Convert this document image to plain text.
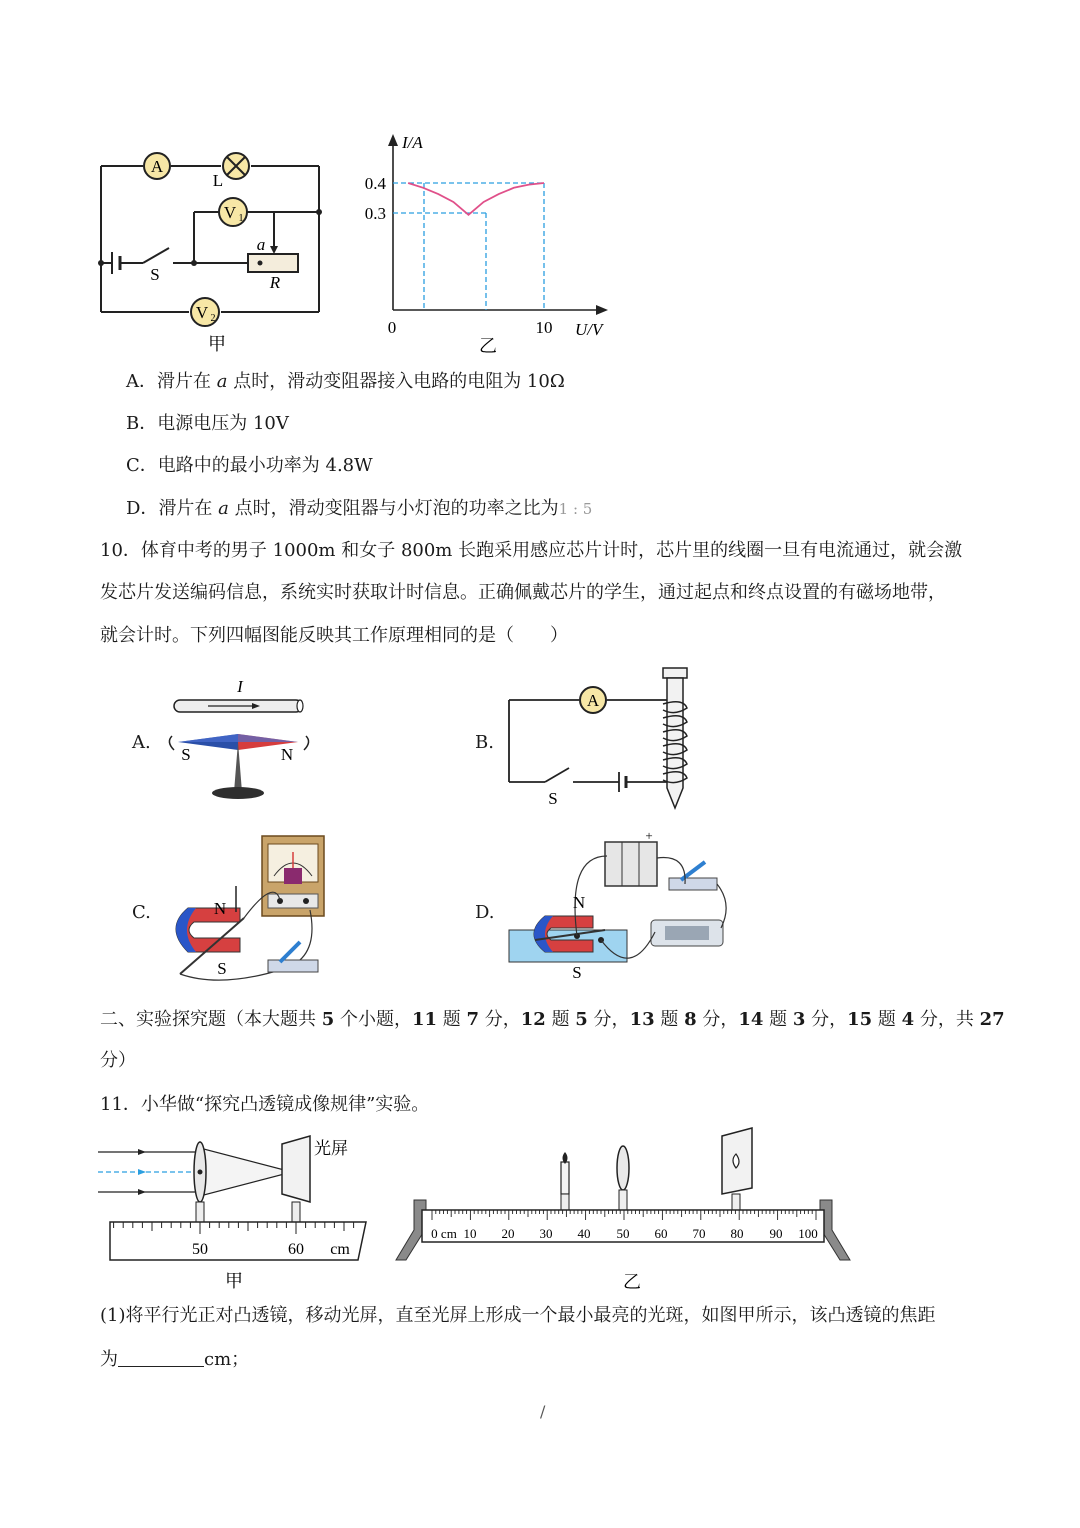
A
L
V 1
V 2
S
a
R
甲
I/A
0.4
0.3
0	10 U/V
乙
A．滑片在 a 点时，滑动变阻器接入电路的电阻为 10Ω
B．电源电压为 10V
C．电路中的最小功率为 4.8W
D．滑片在 a 点时，滑动变阻器与小灯泡的功率之比为1 : 5
10．体育中考的男子 1000m 和女子 800m 长跑采用感应芯片计时，芯片里的线圈一旦有电流通过，就会激
发芯片发送编码信息，系统实时获取计时信息。正确佩戴芯片的学生，通过起点和终点设置的有磁场地带，
就会计时。下列四幅图能反映其工作原理相同的是（　　）
A.
I
S	N
B.
A
S
C.	N
S
D.
+
N
S
二、实验探究题（本大题共 5 个小题，11 题 7 分，12 题 5 分，13 题 8 分，14 题 3 分，15 题 4 分，共 27
分）
11．小华做“探究凸透镜成像规律”实验。
光屏
50	60 cm
甲
0 cm 10 20 30 40 50 60 70 80 90 100
乙
(1)将平行光正对凸透镜，移动光屏，直至光屏上形成一个最小最亮的光斑，如图甲所示，该凸透镜的焦距
为	cm；
/
